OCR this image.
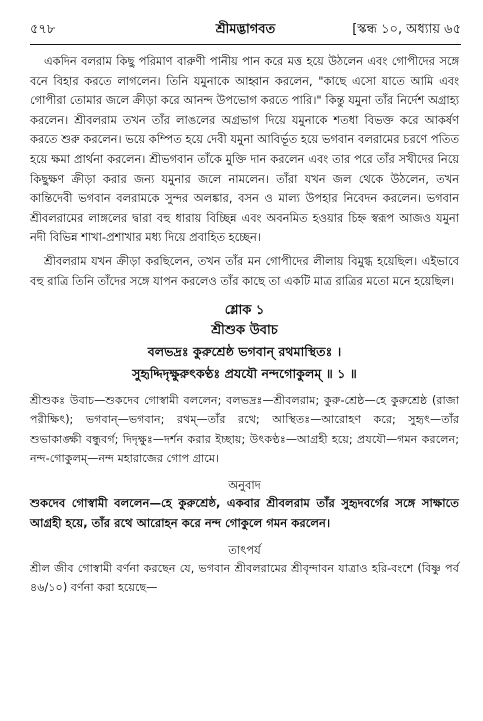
৫৭৮	শ্রীমদ্ভাগবত	[স্কন্ধ ১০, অধ্যায় ৬৫

একদিন বলরাম কিছু পরিমাণ বারুণী পানীয় পান করে মত্ত হয়ে উঠলেন এবং গোপীদের সঙ্গে বনে বিহার করতে লাগলেন। তিনি যমুনাকে আহ্বান করলেন, "কাছে এসো যাতে আমি এবং গোপীরা তোমার জলে ক্রীড়া করে আনন্দ উপভোগ করতে পারি।" কিন্তু যমুনা তাঁর নির্দেশ অগ্রাহ্য করলেন। শ্রীবলরাম তখন তাঁর লাঙলের অগ্রভাগ দিয়ে যমুনাকে শতধা বিভক্ত করে আকর্ষণ করতে শুরু করলেন। ভয়ে কম্পিত হয়ে দেবী যমুনা আবির্ভূত হয়ে ভগবান বলরামের চরণে পতিত হয়ে ক্ষমা প্রার্থনা করলেন। শ্রীভগবান তাঁকে মুক্তি দান করলেন এবং তার পরে তাঁর সখীদের নিয়ে কিছুক্ষণ ক্রীড়া করার জন্য যমুনার জলে নামলেন। তাঁরা যখন জল থেকে উঠলেন, তখন কান্তিদেবী ভগবান বলরামকে সুন্দর অলঙ্কার, বসন ও মাল্য উপহার নিবেদন করলেন। ভগবান শ্রীবলরামের লাঙ্গলের দ্বারা বহু ধারায় বিচ্ছিন্ন এবং অবনমিত হওয়ার চিহ্ন স্বরূপ আজও যমুনা নদী বিভিন্ন শাখা-প্রশাখার মধ্য দিয়ে প্রবাহিত হচ্ছেন।

শ্রীবলরাম যখন ক্রীড়া করছিলেন, তখন তাঁর মন গোপীদের লীলায় বিমুগ্ধ হয়েছিল। এইভাবে বহু রাত্রি তিনি তাঁদের সঙ্গে যাপন করলেও তাঁর কাছে তা একটি মাত্র রাত্রির মতো মনে হয়েছিল।

শ্লোক ১
শ্রীশুক উবাচ
বলভদ্রঃ কুরুশ্রেষ্ঠ ভগবান্ রথমাস্থিতঃ ।
সুহৃদ্দিদৃক্ষুরুৎকণ্ঠঃ প্রযযৌ নন্দগোকুলম্ ॥ ১ ॥

শ্রীশুকঃ উবাচ—শুকদেব গোস্বামী বললেন; বলভদ্রঃ—শ্রীবলরাম; কুরু-শ্রেষ্ঠ—হে কুরুশ্রেষ্ঠ (রাজা পরীক্ষিৎ); ভগবান্—ভগবান; রথম্—তাঁর রথে; আস্থিতঃ—আরোহণ করে; সুহৃৎ—তাঁর শুভাকাঙ্ক্ষী বন্ধুবর্গ; দিদৃক্ষুঃ—দর্শন করার ইচ্ছায়; উৎকণ্ঠঃ—আগ্রহী হয়ে; প্রযযৌ—গমন করলেন; নন্দ-গোকুলম্—নন্দ মহারাজের গোপ গ্রামে।

অনুবাদ

শুকদেব গোস্বামী বললেন—হে কুরুশ্রেষ্ঠ, একবার শ্রীবলরাম তাঁর সুহৃদবর্গের সঙ্গে সাক্ষাতে আগ্রহী হয়ে, তাঁর রথে আরোহন করে নন্দ গোকুলে গমন করলেন।

তাৎপর্য

শ্রীল জীব গোস্বামী বর্ণনা করছেন যে, ভগবান শ্রীবলরামের শ্রীবৃন্দাবন যাত্রাও হরি-বংশে (বিষ্ণু পর্ব ৪৬/১০) বর্ণনা করা হয়েছে—
